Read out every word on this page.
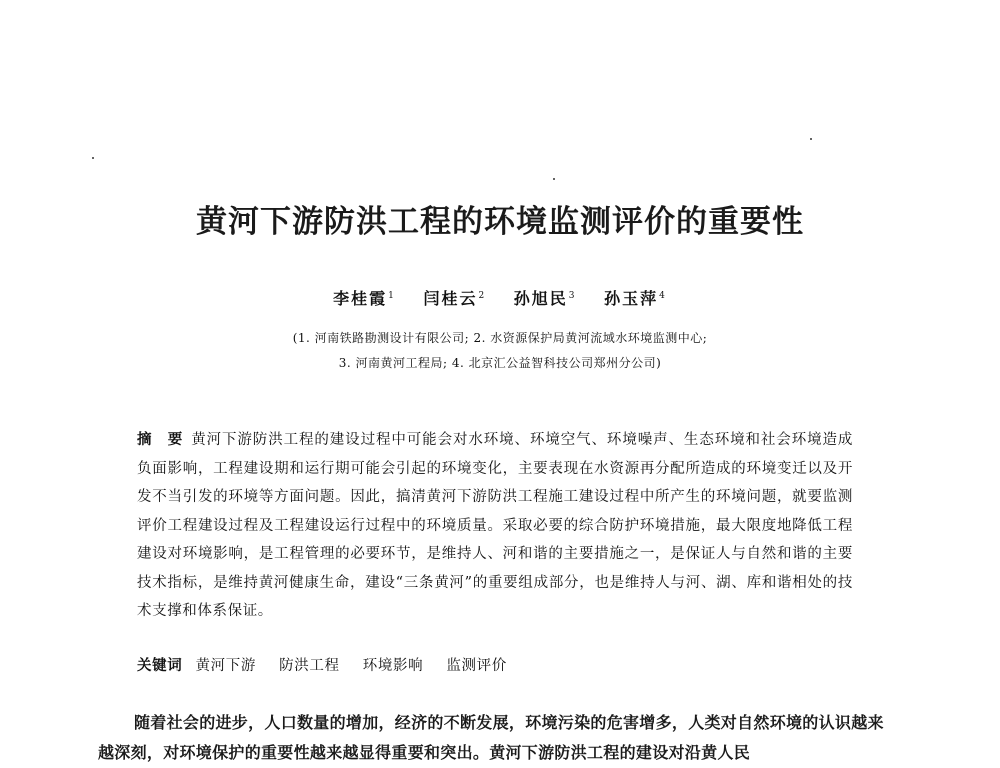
黄河下游防洪工程的环境监测评价的重要性
李桂霞$^1$ 闫桂云$^2$ 孙旭民$^3$ 孙玉萍$^4$
(1. 河南铁路勘测设计有限公司; 2. 水资源保护局黄河流域水环境监测中心;
3. 河南黄河工程局; 4. 北京汇公益智科技公司郑州分公司)
摘　要 黄河下游防洪工程的建设过程中可能会对水环境、环境空气、环境噪声、生态环境和社会环境造成负面影响，工程建设期和运行期可能会引起的环境变化，主要表现在水资源再分配所造成的环境变迁以及开发不当引发的环境等方面问题。因此，搞清黄河下游防洪工程施工建设过程中所产生的环境问题，就要监测评价工程建设过程及工程建设运行过程中的环境质量。采取必要的综合防护环境措施，最大限度地降低工程建设对环境影响，是工程管理的必要环节，是维持人、河和谐的主要措施之一，是保证人与自然和谐的主要技术指标，是维持黄河健康生命，建设“三条黄河”的重要组成部分，也是维持人与河、湖、库和谐相处的技术支撑和体系保证。
关键词 黄河下游 防洪工程 环境影响 监测评价
随着社会的进步，人口数量的增加，经济的不断发展，环境污染的危害增多，人类对自然环境的认识越来越深刻，对环境保护的重要性越来越显得重要和突出。黄河下游防洪工程的建设对沿黄人民
